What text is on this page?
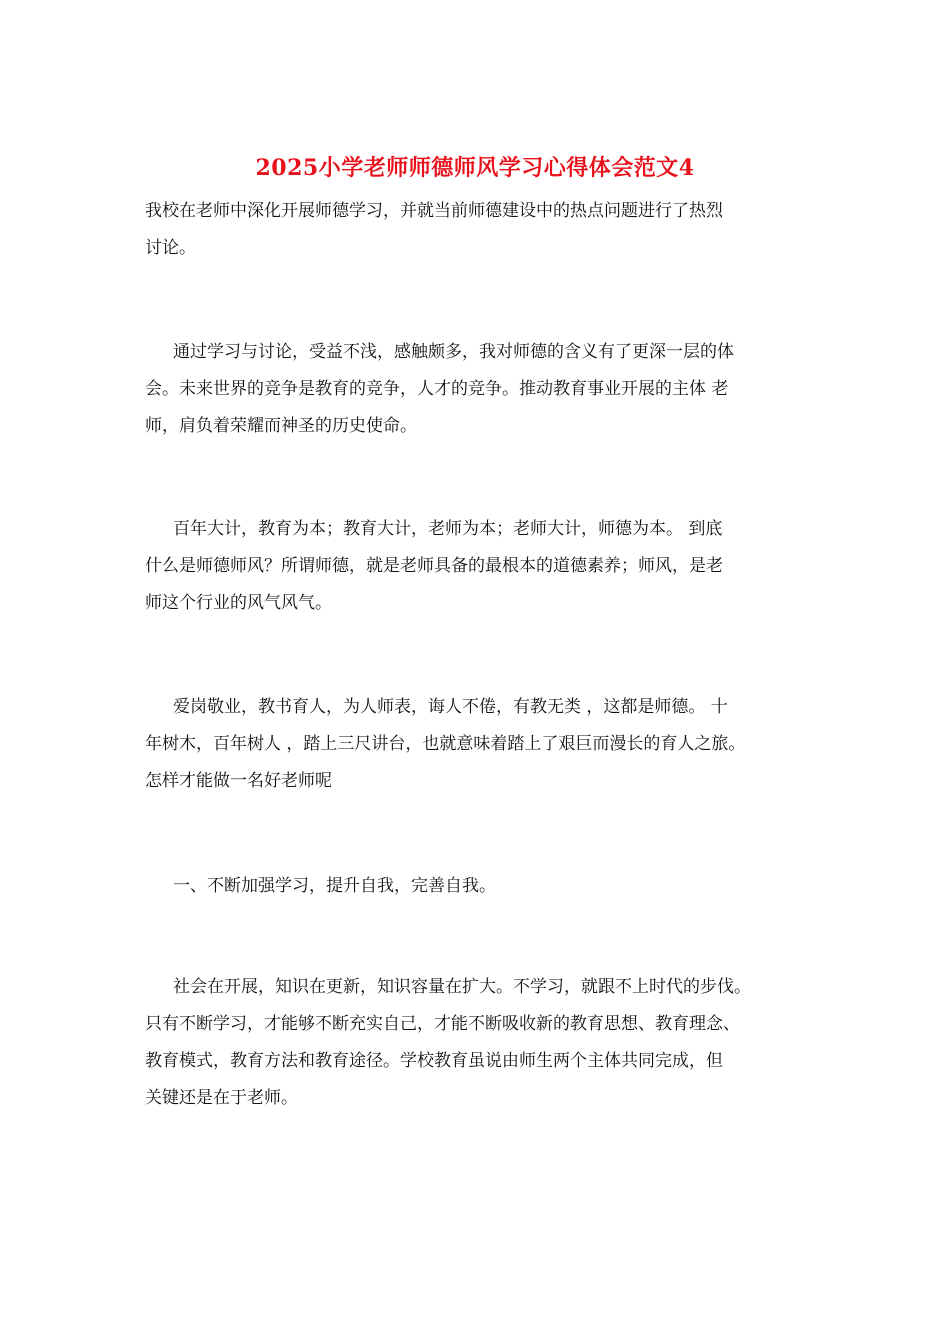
2025小学老师师德师风学习心得体会范文4

我校在老师中深化开展师德学习，并就当前师德建设中的热点问题进行了热烈
讨论。

通过学习与讨论，受益不浅，感触颇多，我对师德的含义有了更深一层的体
会。未来世界的竞争是教育的竞争，人才的竞争。推动教育事业开展的主体 老
师，肩负着荣耀而神圣的历史使命。

百年大计，教育为本；教育大计，老师为本；老师大计，师德为本。 到底
什么是师德师风？所谓师德，就是老师具备的最根本的道德素养；师风，是老
师这个行业的风气风气。

爱岗敬业，教书育人，为人师表，诲人不倦，有教无类 ，这都是师德。 十
年树木，百年树人 ，踏上三尺讲台，也就意味着踏上了艰巨而漫长的育人之旅。
怎样才能做一名好老师呢

一、不断加强学习，提升自我，完善自我。

社会在开展，知识在更新，知识容量在扩大。不学习，就跟不上时代的步伐。
只有不断学习，才能够不断充实自己，才能不断吸收新的教育思想、教育理念、
教育模式，教育方法和教育途径。学校教育虽说由师生两个主体共同完成，但
关键还是在于老师。
